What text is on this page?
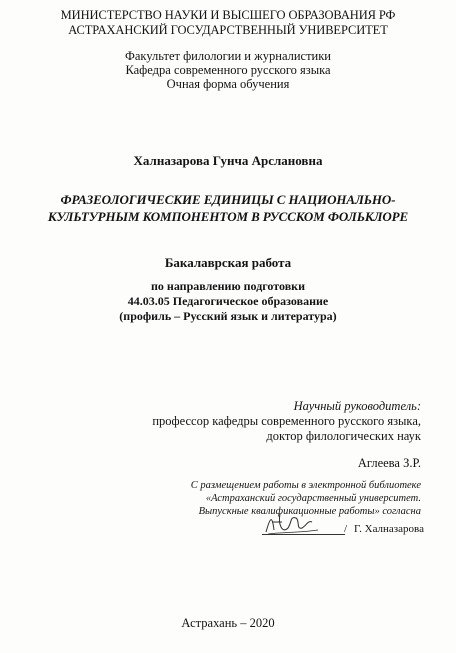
МИНИСТЕРСТВО НАУКИ И ВЫСШЕГО ОБРАЗОВАНИЯ РФ
АСТРАХАНСКИЙ ГОСУДАРСТВЕННЫЙ УНИВЕРСИТЕТ
Факультет филологии и журналистики
Кафедра современного русского языка
Очная форма обучения
Халназарова Гунча Арслановна
ФРАЗЕОЛОГИЧЕСКИЕ ЕДИНИЦЫ С НАЦИОНАЛЬНО-
КУЛЬТУРНЫМ КОМПОНЕНТОМ В РУССКОМ ФОЛЬКЛОРЕ
Бакалаврская работа
по направлению подготовки
44.03.05 Педагогическое образование
(профиль – Русский язык и литература)
Научный руководитель:
профессор кафедры современного русского языка,
доктор филологических наук
Аглеева З.Р.
С размещением работы в электронной библиотеке
«Астраханский государственный университет.
Выпускные квалификационные работы» согласна
/ Г. Халназарова
Астрахань – 2020
